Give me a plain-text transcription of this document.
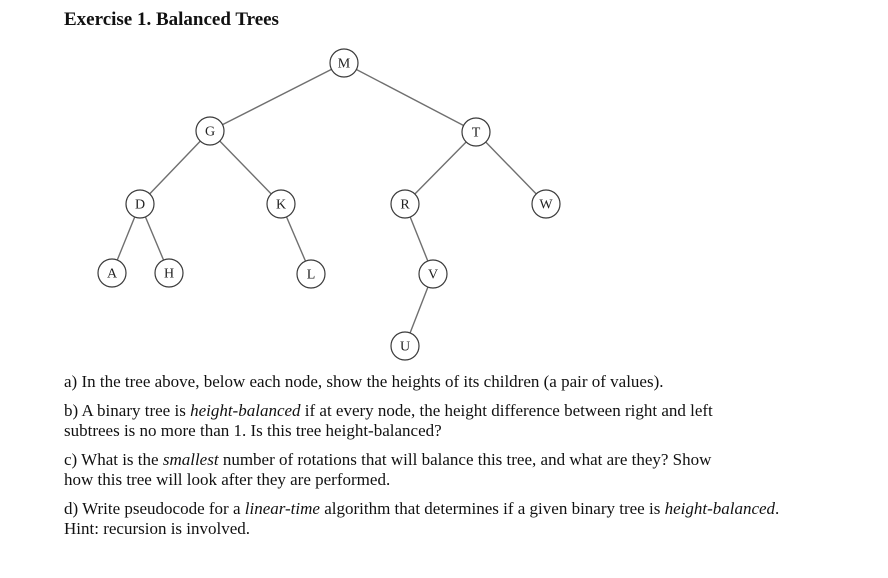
Exercise 1. Balanced Trees
M
G	T
D	K	R	W
A	H	L	V
U

a) In the tree above, below each node, show the heights of its children (a pair of values).

b) A binary tree is height-balanced if at every node, the height difference between right and left
subtrees is no more than 1. Is this tree height-balanced?

c) What is the smallest number of rotations that will balance this tree, and what are they? Show
how this tree will look after they are performed.

d) Write pseudocode for a linear-time algorithm that determines if a given binary tree is height-balanced.
Hint: recursion is involved.
